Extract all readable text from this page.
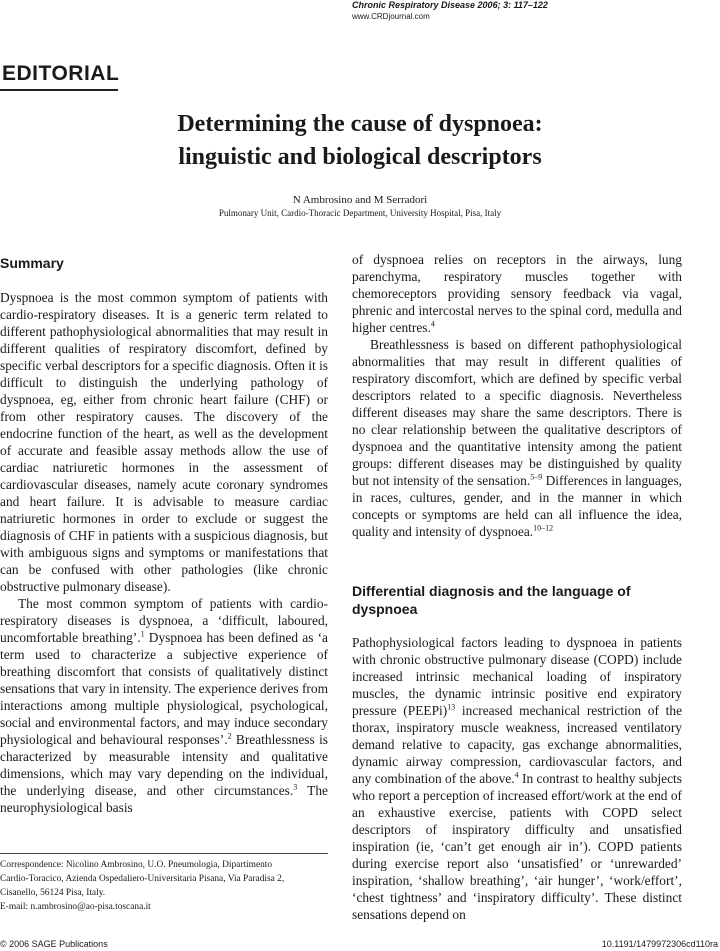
Chronic Respiratory Disease 2006; 3: 117–122
www.CRDjournal.com
EDITORIAL
Determining the cause of dyspnoea:
linguistic and biological descriptors
N Ambrosino and M Serradori
Pulmonary Unit, Cardio-Thoracic Department, University Hospital, Pisa, Italy
Summary

Dyspnoea is the most common symptom of patients with cardio-respiratory diseases. It is a generic term related to different pathophysiological abnormalities that may result in different qualities of respiratory discomfort, defined by specific verbal descriptors for a specific diagnosis. Often it is difficult to distinguish the underlying pathology of dyspnoea, eg, either from chronic heart failure (CHF) or from other respiratory causes. The discovery of the endocrine function of the heart, as well as the development of accurate and feasible assay methods allow the use of cardiac natriuretic hormones in the assessment of cardiovascular diseases, namely acute coronary syndromes and heart failure. It is advisable to measure cardiac natriuretic hormones in order to exclude or suggest the diagnosis of CHF in patients with a suspicious diagnosis, but with ambiguous signs and symptoms or manifestations that can be confused with other pathologies (like chronic obstructive pulmonary disease).

The most common symptom of patients with cardio-respiratory diseases is dyspnoea, a ‘difficult, laboured, uncomfortable breathing’.$^1$ Dyspnoea has been defined as ‘a term used to characterize a subjective experience of breathing discomfort that consists of qualitatively distinct sensations that vary in intensity. The experience derives from interactions among multiple physiological, psychological, social and environmental factors, and may induce secondary physiological and behavioural responses’.$^2$ Breathlessness is characterized by measurable intensity and qualitative dimensions, which may vary depending on the individual, the underlying disease, and other circumstances.$^3$ The neurophysiological basis

of dyspnoea relies on receptors in the airways, lung parenchyma, respiratory muscles together with chemoreceptors providing sensory feedback via vagal, phrenic and intercostal nerves to the spinal cord, medulla and higher centres.$^4$

Breathlessness is based on different pathophysiological abnormalities that may result in different qualities of respiratory discomfort, which are defined by specific verbal descriptors related to a specific diagnosis. Nevertheless different diseases may share the same descriptors. There is no clear relationship between the qualitative descriptors of dyspnoea and the quantitative intensity among the patient groups: different diseases may be distinguished by quality but not intensity of the sensation.$^{5-9}$ Differences in languages, in races, cultures, gender, and in the manner in which concepts or symptoms are held can all influence the idea, quality and intensity of dyspnoea.$^{10-12}$

Differential diagnosis and the language of dyspnoea

Pathophysiological factors leading to dyspnoea in patients with chronic obstructive pulmonary disease (COPD) include increased intrinsic mechanical loading of inspiratory muscles, the dynamic intrinsic positive end expiratory pressure (PEEPi)$^{13}$ increased mechanical restriction of the thorax, inspiratory muscle weakness, increased ventilatory demand relative to capacity, gas exchange abnormalities, dynamic airway compression, cardiovascular factors, and any combination of the above.$^4$ In contrast to healthy subjects who report a perception of increased effort/work at the end of an exhaustive exercise, patients with COPD select descriptors of inspiratory difficulty and unsatisfied inspiration (ie, ‘can’t get enough air in’). COPD patients during exercise report also ‘unsatisfied’ or ‘unrewarded’ inspiration, ‘shallow breathing’, ‘air hunger’, ‘work/effort’, ‘chest tightness’ and ‘inspiratory difficulty’. These distinct sensations depend on

Correspondence: Nicolino Ambrosino, U.O. Pneumologia, Dipartimento
Cardio-Toracico, Azienda Ospedaliero-Universitaria Pisana, Via Paradisa 2,
Cisanello, 56124 Pisa, Italy.
E-mail: n.ambrosino@ao-pisa.toscana.it
© 2006 SAGE Publications	10.1191/1479972306cd110ra
